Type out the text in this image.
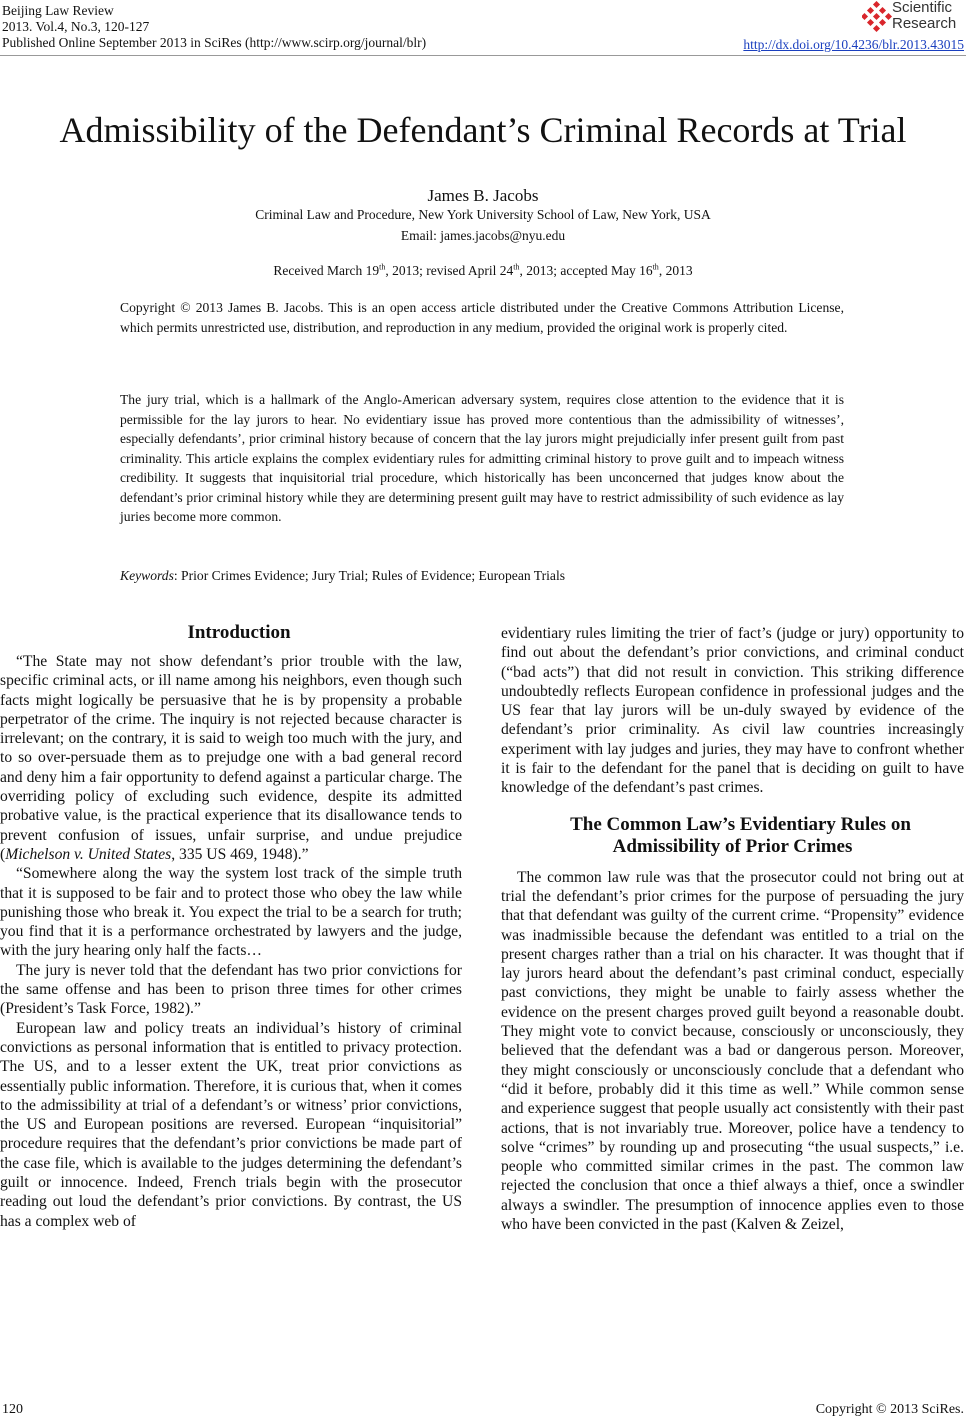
Beijing Law Review
2013. Vol.4, No.3, 120-127
Published Online September 2013 in SciRes (http://www.scirp.org/journal/blr)
Scientific
Research
http://dx.doi.org/10.4236/blr.2013.43015
Admissibility of the Defendant’s Criminal Records at Trial
James B. Jacobs
Criminal Law and Procedure, New York University School of Law, New York, USA
Email: james.jacobs@nyu.edu
Received March 19th, 2013; revised April 24th, 2013; accepted May 16th, 2013
Copyright © 2013 James B. Jacobs. This is an open access article distributed under the Creative Commons Attribution License, which permits unrestricted use, distribution, and reproduction in any medium, provided the original work is properly cited.
The jury trial, which is a hallmark of the Anglo-American adversary system, requires close attention to the evidence that it is permissible for the lay jurors to hear. No evidentiary issue has proved more contentious than the admissibility of witnesses’, especially defendants’, prior criminal history because of concern that the lay jurors might prejudicially infer present guilt from past criminality. This article explains the complex evidentiary rules for admitting criminal history to prove guilt and to impeach witness credibility. It suggests that inquisitorial trial procedure, which historically has been unconcerned that judges know about the defendant’s prior criminal history while they are determining present guilt may have to restrict admissibility of such evidence as lay juries become more common.
Keywords: Prior Crimes Evidence; Jury Trial; Rules of Evidence; European Trials

Introduction

“The State may not show defendant’s prior trouble with the law, specific criminal acts, or ill name among his neighbors, even though such facts might logically be persuasive that he is by propensity a probable perpetrator of the crime. The inquiry is not rejected because character is irrelevant; on the contrary, it is said to weigh too much with the jury, and to so over-persuade them as to prejudge one with a bad general record and deny him a fair opportunity to defend against a particular charge. The overriding policy of excluding such evidence, despite its admitted probative value, is the practical experience that its disallowance tends to prevent confusion of issues, unfair surprise, and undue prejudice (Michelson v. United States, 335 US 469, 1948).”

“Somewhere along the way the system lost track of the simple truth that it is supposed to be fair and to protect those who obey the law while punishing those who break it. You expect the trial to be a search for truth; you find that it is a performance orchestrated by lawyers and the judge, with the jury hearing only half the facts…

The jury is never told that the defendant has two prior convictions for the same offense and has been to prison three times for other crimes (President’s Task Force, 1982).”

European law and policy treats an individual’s history of criminal convictions as personal information that is entitled to privacy protection. The US, and to a lesser extent the UK, treat prior convictions as essentially public information. Therefore, it is curious that, when it comes to the admissibility at trial of a defendant’s or witness’ prior convictions, the US and European positions are reversed. European “inquisitorial” procedure requires that the defendant’s prior convictions be made part of the case file, which is available to the judges determining the defendant’s guilt or innocence. Indeed, French trials begin with the prosecutor reading out loud the defendant’s prior convictions. By contrast, the US has a complex web of

evidentiary rules limiting the trier of fact’s (judge or jury) opportunity to find out about the defendant’s prior convictions, and criminal conduct (“bad acts”) that did not result in conviction. This striking difference undoubtedly reflects European confidence in professional judges and the US fear that lay jurors will be un-duly swayed by evidence of the defendant’s prior criminality. As civil law countries increasingly experiment with lay judges and juries, they may have to confront whether it is fair to the defendant for the panel that is deciding on guilt to have knowledge of the defendant’s past crimes.

The Common Law’s Evidentiary Rules on
Admissibility of Prior Crimes

The common law rule was that the prosecutor could not bring out at trial the defendant’s prior crimes for the purpose of persuading the jury that that defendant was guilty of the current crime. “Propensity” evidence was inadmissible because the defendant was entitled to a trial on the present charges rather than a trial on his character. It was thought that if lay jurors heard about the defendant’s past criminal conduct, especially past convictions, they might be unable to fairly assess whether the evidence on the present charges proved guilt beyond a reasonable doubt. They might vote to convict because, consciously or unconsciously, they believed that the defendant was a bad or dangerous person. Moreover, they might consciously or unconsciously conclude that a defendant who “did it before, probably did it this time as well.” While common sense and experience suggest that people usually act consistently with their past actions, that is not invariably true. Moreover, police have a tendency to solve “crimes” by rounding up and prosecuting “the usual suspects,” i.e. people who committed similar crimes in the past. The common law rejected the conclusion that once a thief always a thief, once a swindler always a swindler. The presumption of innocence applies even to those who have been convicted in the past (Kalven & Zeizel,

120	Copyright © 2013 SciRes.
